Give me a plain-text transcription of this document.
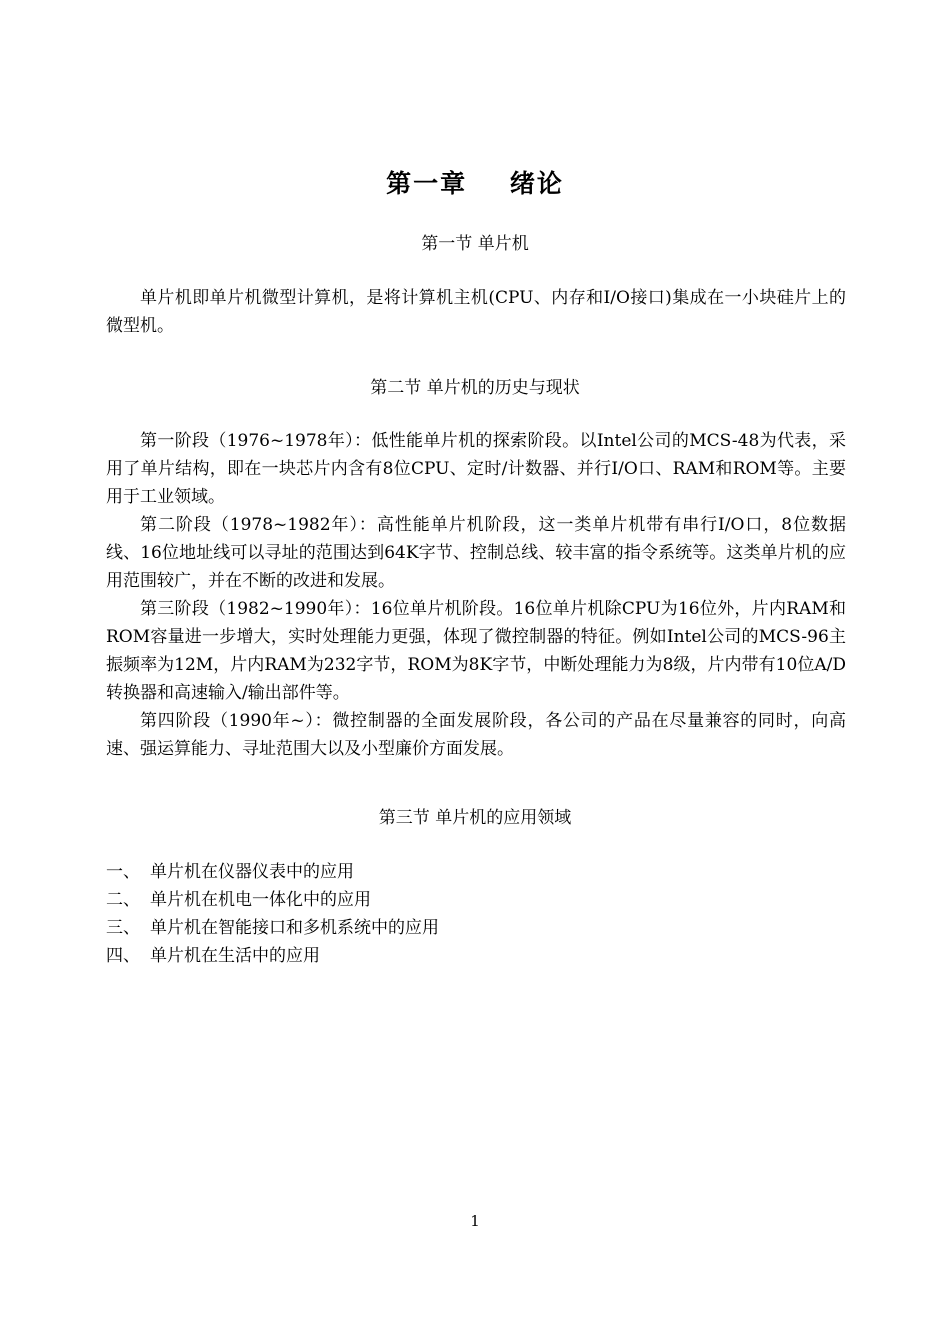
第一章    绪论
第一节 单片机

单片机即单片机微型计算机，是将计算机主机(CPU、内存和I/O接口)集成在一小块硅片上的微型机。

第二节 单片机的历史与现状

第一阶段（1976~1978年）：低性能单片机的探索阶段。以Intel公司的MCS-48为代表，采用了单片结构，即在一块芯片内含有8位CPU、定时/计数器、并行I/O口、RAM和ROM等。主要用于工业领域。

第二阶段（1978~1982年）：高性能单片机阶段，这一类单片机带有串行I/O口，8位数据线、16位地址线可以寻址的范围达到64K字节、控制总线、较丰富的指令系统等。这类单片机的应用范围较广，并在不断的改进和发展。

第三阶段（1982~1990年）：16位单片机阶段。16位单片机除CPU为16位外，片内RAM和ROM容量进一步增大，实时处理能力更强，体现了微控制器的特征。例如Intel公司的MCS-96主振频率为12M，片内RAM为232字节，ROM为8K字节，中断处理能力为8级，片内带有10位A/D转换器和高速输入/输出部件等。

第四阶段（1990年~）：微控制器的全面发展阶段，各公司的产品在尽量兼容的同时，向高速、强运算能力、寻址范围大以及小型廉价方面发展。

第三节 单片机的应用领域
一、 单片机在仪器仪表中的应用
二、 单片机在机电一体化中的应用
三、 单片机在智能接口和多机系统中的应用
四、 单片机在生活中的应用
1
